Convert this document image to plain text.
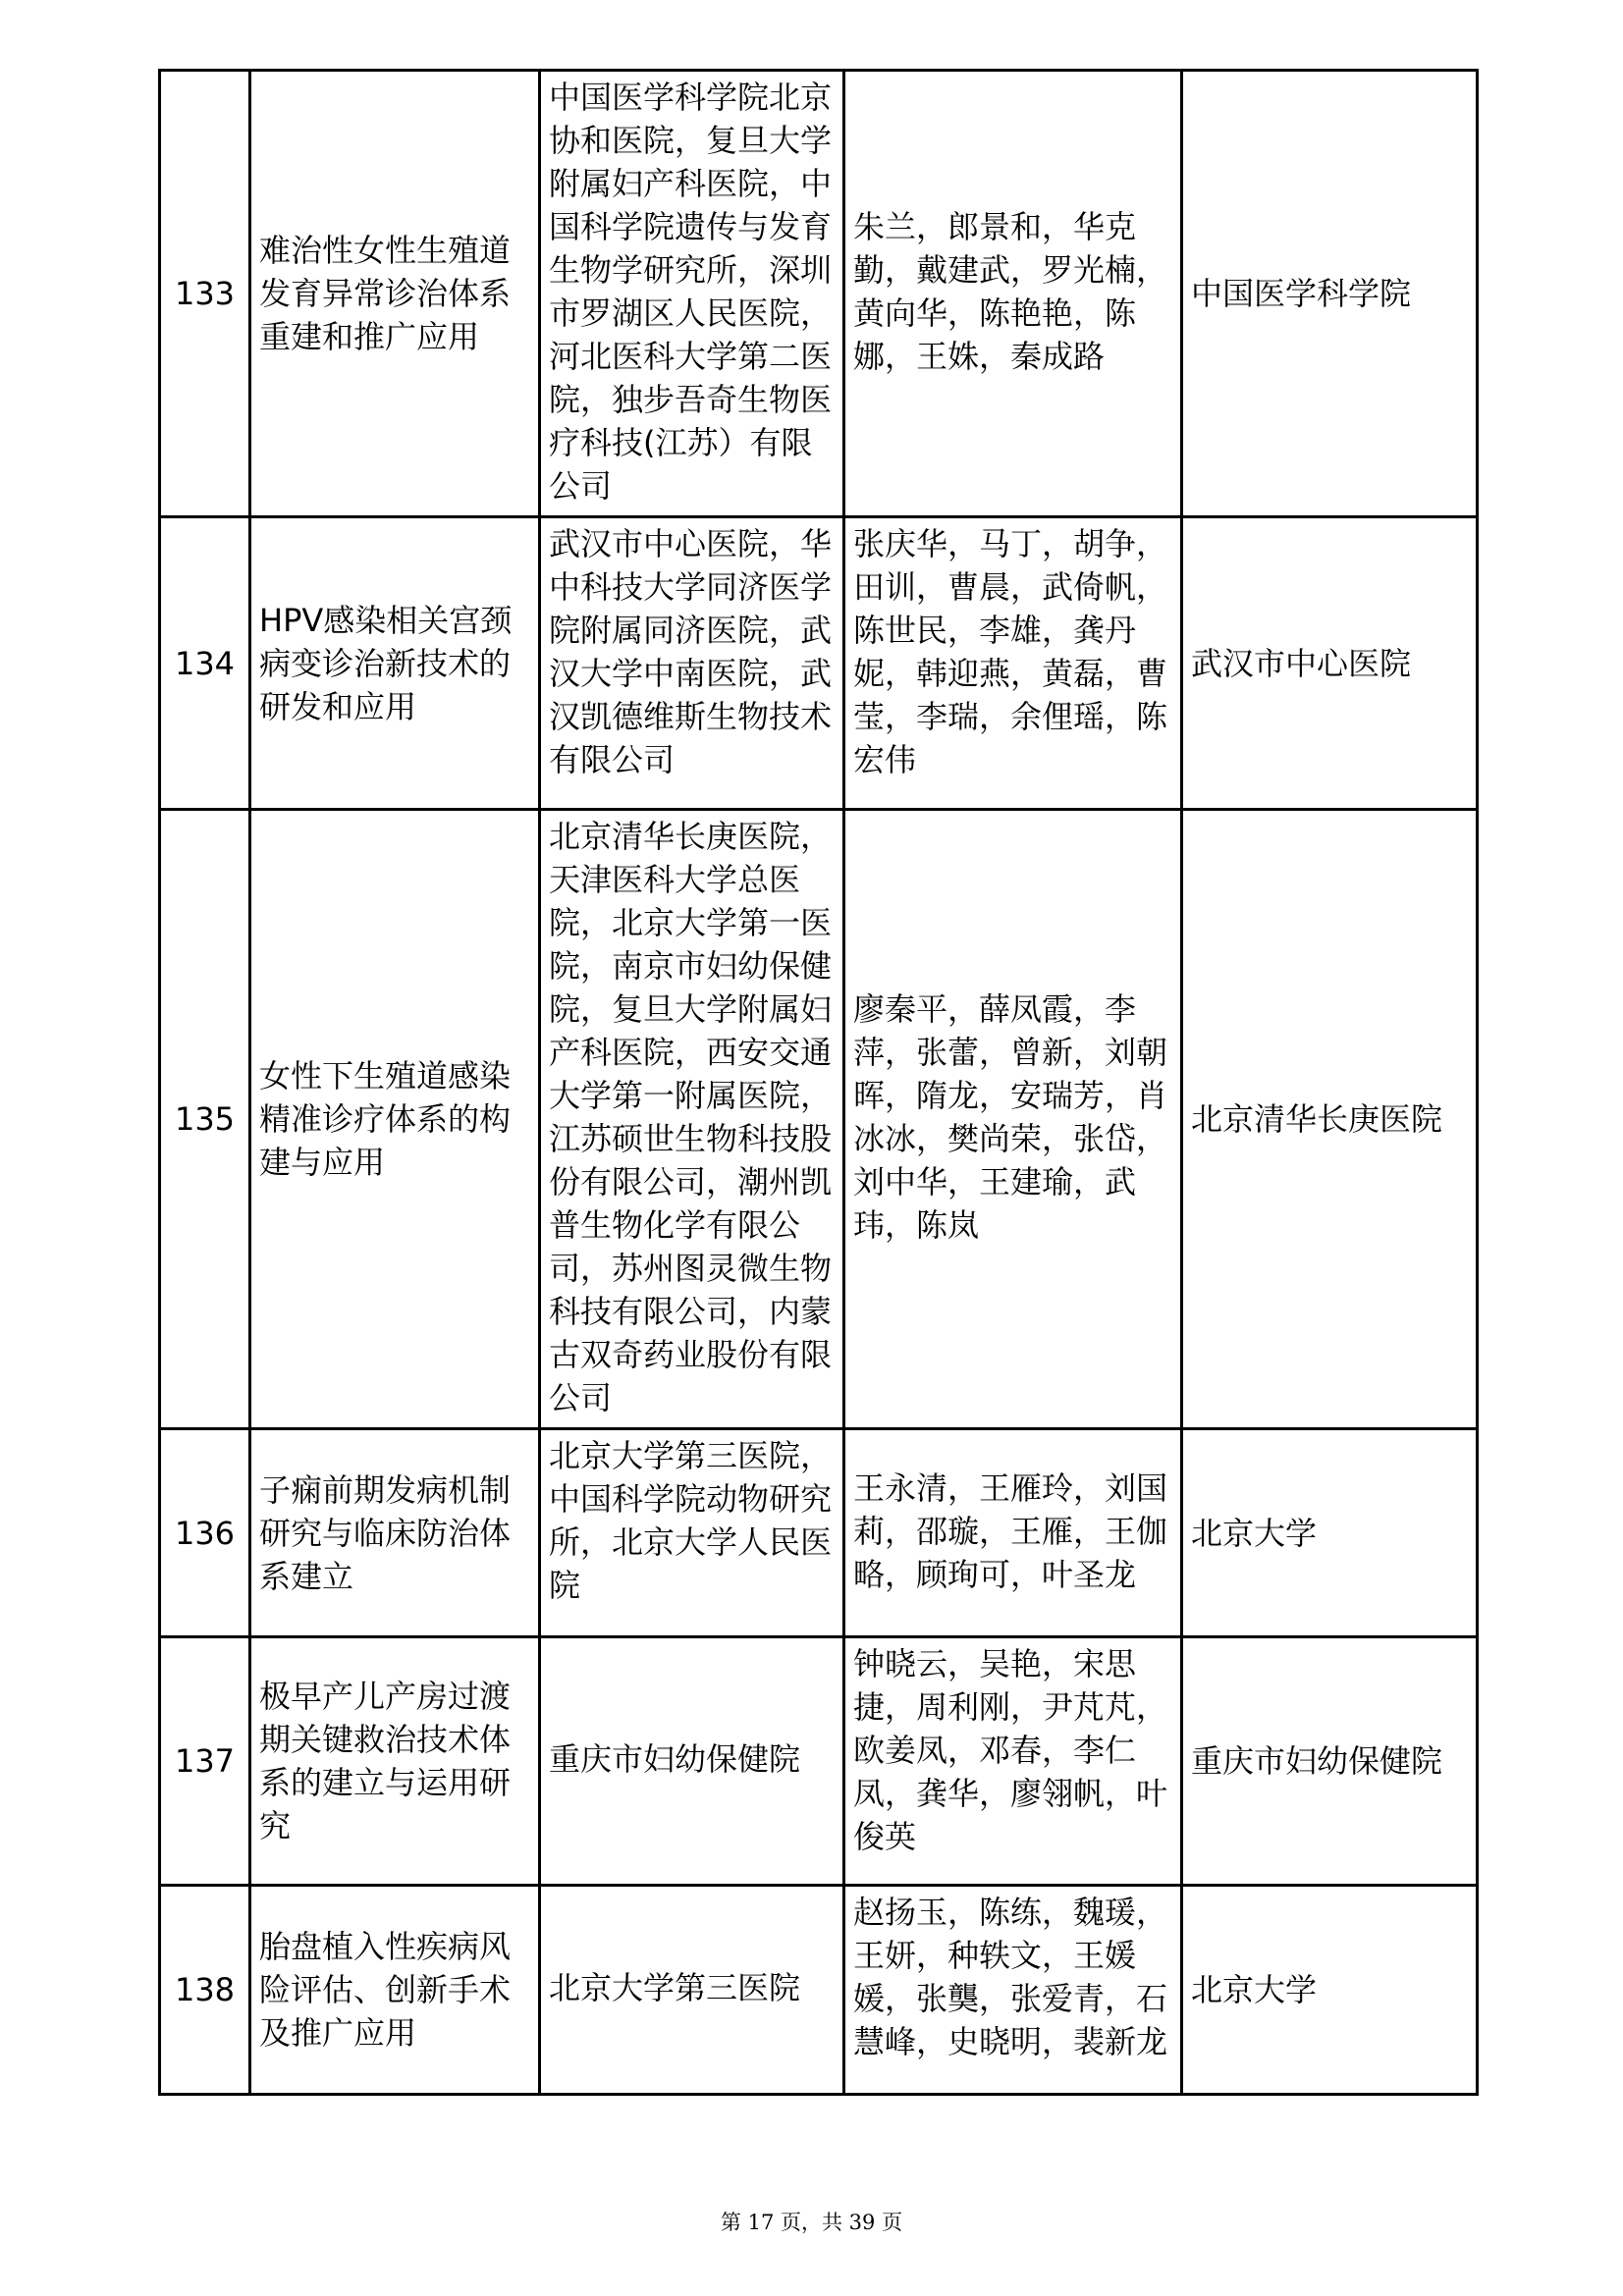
133	难治性女性生殖道发育异常诊治体系重建和推广应用	中国医学科学院北京协和医院，复旦大学附属妇产科医院，中国科学院遗传与发育生物学研究所，深圳市罗湖区人民医院，河北医科大学第二医院，独步吾奇生物医疗科技(江苏）有限公司	朱兰，郎景和，华克勤，戴建武，罗光楠，黄向华，陈艳艳，陈娜，王姝，秦成路	中国医学科学院
134	HPV感染相关宫颈病变诊治新技术的研发和应用	武汉市中心医院，华中科技大学同济医学院附属同济医院，武汉大学中南医院，武汉凯德维斯生物技术有限公司	张庆华，马丁，胡争，田训，曹晨，武倚帆，陈世民，李雄，龚丹妮，韩迎燕，黄磊，曹莹，李瑞，余俚瑶，陈宏伟	武汉市中心医院
135	女性下生殖道感染精准诊疗体系的构建与应用	北京清华长庚医院，天津医科大学总医院，北京大学第一医院，南京市妇幼保健院，复旦大学附属妇产科医院，西安交通大学第一附属医院，江苏硕世生物科技股份有限公司，潮州凯普生物化学有限公司，苏州图灵微生物科技有限公司，内蒙古双奇药业股份有限公司	廖秦平，薛凤霞，李萍，张蕾，曾新，刘朝晖，隋龙，安瑞芳，肖冰冰，樊尚荣，张岱，刘中华，王建瑜，武玮，陈岚	北京清华长庚医院
136	子痫前期发病机制研究与临床防治体系建立	北京大学第三医院，中国科学院动物研究所，北京大学人民医院	王永清，王雁玲，刘国莉，邵璇，王雁，王伽略，顾珣可，叶圣龙	北京大学
137	极早产儿产房过渡期关键救治技术体系的建立与运用研究	重庆市妇幼保健院	钟晓云，吴艳，宋思捷，周利刚，尹芃芃，欧姜凤，邓春，李仁凤，龚华，廖翎帆，叶俊英	重庆市妇幼保健院
138	胎盘植入性疾病风险评估、创新手术及推广应用	北京大学第三医院	赵扬玉，陈练，魏瑗，王妍，种轶文，王媛媛，张龑，张爱青，石慧峰，史晓明，裴新龙	北京大学
第 17 页，共 39 页
